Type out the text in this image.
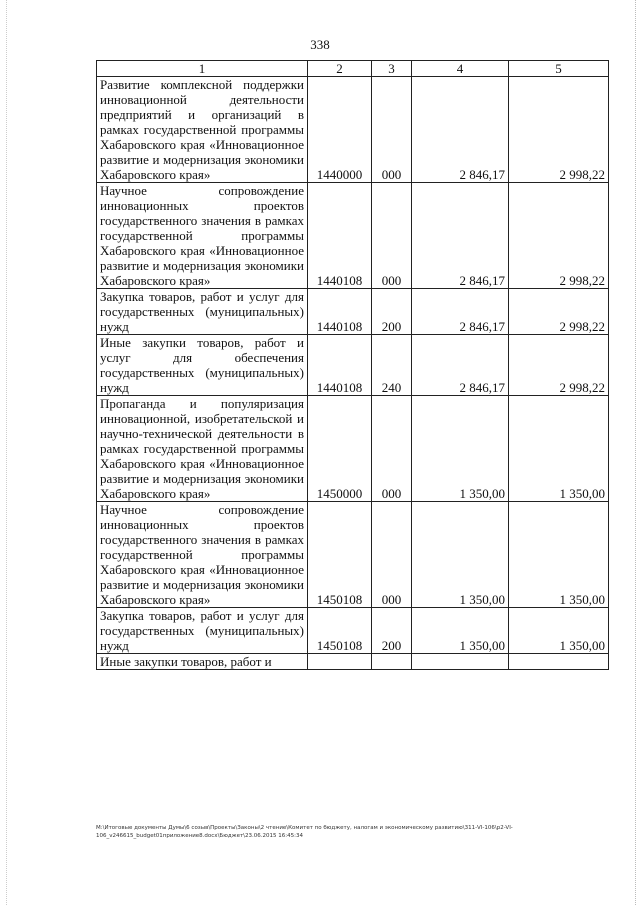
338
1	2	3	4	5
Развитие комплексной поддержки инновационной деятельности предприятий и организаций в рамках государственной программы Хабаровского края «Инновационное развитие и модернизация экономики Хабаровского края»	1440000	000	2 846,17	2 998,22
Научное сопровождение инновационных проектов государственного значения в рамках государственной программы Хабаровского края «Инновационное развитие и модернизация экономики Хабаровского края»	1440108	000	2 846,17	2 998,22
Закупка товаров, работ и услуг для государственных (муниципальных) нужд	1440108	200	2 846,17	2 998,22
Иные закупки товаров, работ и услуг для обеспечения государственных (муниципальных) нужд	1440108	240	2 846,17	2 998,22
Пропаганда и популяризация инновационной, изобретательской и научно-технической деятельности в рамках государственной программы Хабаровского края «Инновационное развитие и модернизация экономики Хабаровского края»	1450000	000	1 350,00	1 350,00
Научное сопровождение инновационных проектов государственного значения в рамках государственной программы Хабаровского края «Инновационное развитие и модернизация экономики Хабаровского края»	1450108	000	1 350,00	1 350,00
Закупка товаров, работ и услуг для государственных (муниципальных) нужд	1450108	200	1 350,00	1 350,00
Иные закупки товаров, работ и				
M:\Итоговые документы Думы\6 созыв\Проекты\Законы\2 чтение\Комитет по бюджету, налогам и экономическому развитию\311-VI-106\p2-VI-106_v246615_budget01приложение8.docx\Бюджет\23.06.2015 16:45:34
